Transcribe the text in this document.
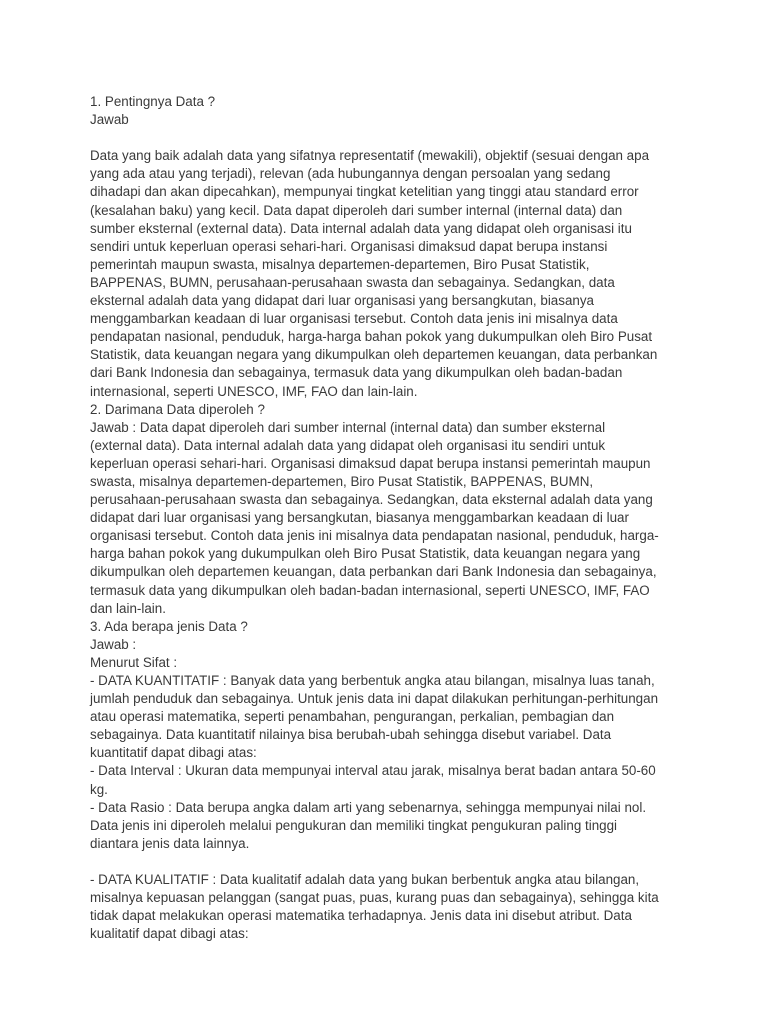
1. Pentingnya Data ?
Jawab
Data yang baik adalah data yang sifatnya representatif (mewakili), objektif (sesuai dengan apa
yang ada atau yang terjadi), relevan (ada hubungannya dengan persoalan yang sedang
dihadapi dan akan dipecahkan), mempunyai tingkat ketelitian yang tinggi atau standard error
(kesalahan baku) yang kecil. Data dapat diperoleh dari sumber internal (internal data) dan
sumber eksternal (external data). Data internal adalah data yang didapat oleh organisasi itu
sendiri untuk keperluan operasi sehari-hari. Organisasi dimaksud dapat berupa instansi
pemerintah maupun swasta, misalnya departemen-departemen, Biro Pusat Statistik,
BAPPENAS, BUMN, perusahaan-perusahaan swasta dan sebagainya. Sedangkan, data
eksternal adalah data yang didapat dari luar organisasi yang bersangkutan, biasanya
menggambarkan keadaan di luar organisasi tersebut. Contoh data jenis ini misalnya data
pendapatan nasional, penduduk, harga-harga bahan pokok yang dukumpulkan oleh Biro Pusat
Statistik, data keuangan negara yang dikumpulkan oleh departemen keuangan, data perbankan
dari Bank Indonesia dan sebagainya, termasuk data yang dikumpulkan oleh badan-badan
internasional, seperti UNESCO, IMF, FAO dan lain-lain.
2. Darimana Data diperoleh ?
Jawab : Data dapat diperoleh dari sumber internal (internal data) dan sumber eksternal
(external data). Data internal adalah data yang didapat oleh organisasi itu sendiri untuk
keperluan operasi sehari-hari. Organisasi dimaksud dapat berupa instansi pemerintah maupun
swasta, misalnya departemen-departemen, Biro Pusat Statistik, BAPPENAS, BUMN,
perusahaan-perusahaan swasta dan sebagainya. Sedangkan, data eksternal adalah data yang
didapat dari luar organisasi yang bersangkutan, biasanya menggambarkan keadaan di luar
organisasi tersebut. Contoh data jenis ini misalnya data pendapatan nasional, penduduk, harga-
harga bahan pokok yang dukumpulkan oleh Biro Pusat Statistik, data keuangan negara yang
dikumpulkan oleh departemen keuangan, data perbankan dari Bank Indonesia dan sebagainya,
termasuk data yang dikumpulkan oleh badan-badan internasional, seperti UNESCO, IMF, FAO
dan lain-lain.
3. Ada berapa jenis Data ?
Jawab :
Menurut Sifat :
- DATA KUANTITATIF : Banyak data yang berbentuk angka atau bilangan, misalnya luas tanah,
jumlah penduduk dan sebagainya. Untuk jenis data ini dapat dilakukan perhitungan-perhitungan
atau operasi matematika, seperti penambahan, pengurangan, perkalian, pembagian dan
sebagainya. Data kuantitatif nilainya bisa berubah-ubah sehingga disebut variabel. Data
kuantitatif dapat dibagi atas:
- Data Interval : Ukuran data mempunyai interval atau jarak, misalnya berat badan antara 50-60
kg.
- Data Rasio : Data berupa angka dalam arti yang sebenarnya, sehingga mempunyai nilai nol.
Data jenis ini diperoleh melalui pengukuran dan memiliki tingkat pengukuran paling tinggi
diantara jenis data lainnya.
- DATA KUALITATIF : Data kualitatif adalah data yang bukan berbentuk angka atau bilangan,
misalnya kepuasan pelanggan (sangat puas, puas, kurang puas dan sebagainya), sehingga kita
tidak dapat melakukan operasi matematika terhadapnya. Jenis data ini disebut atribut. Data
kualitatif dapat dibagi atas:
